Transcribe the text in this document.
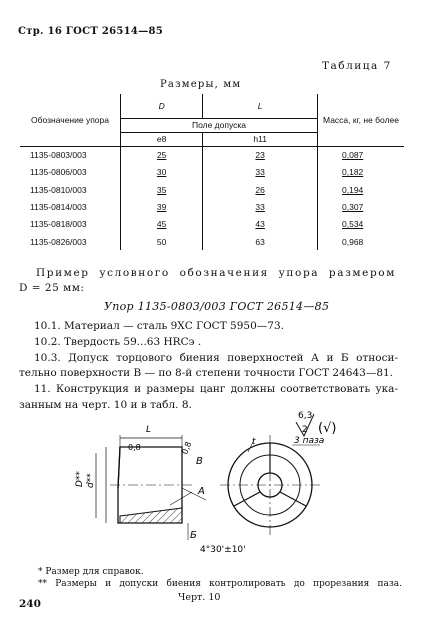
Стр. 16 ГОСТ 26514—85
Таблица 7
Размеры, мм
Обозначение упора	D	L	Масса, кг, не более
	Поле допуска		
	e8	h11	
1135-0803/003	25	23	0,087
1135-0806/003	30	33	0,182
1135-0810/003	35	26	0,194
1135-0814/003	39	33	0,307
1135-0818/003	45	43	0,534
1135-0826/003	50	63	0,968
Пример условного обозначения упора размером
D = 25 мм:
Упор 1135-0803/003 ГОСТ 26514—85
10.1. Материал — сталь 9ХС ГОСТ 5950—73.
10.2. Твердость 59...63 HRCэ .
10.3. Допуск торцового биения поверхностей А и Б относи-
тельно поверхности В — по 8-й степени точности ГОСТ 24643—81.
11. Конструкция и размеры цанг должны соответствовать ука-
занным на черт. 10 и в табл. 8.
6,3
(√)
L
0,8	0,8
D** d**
В
А
Б
4°30'±10'
t
2
3 паза
* Размер для справок.
** Размеры и допуски биения контролировать до прорезания паза.
Черт. 10
240
